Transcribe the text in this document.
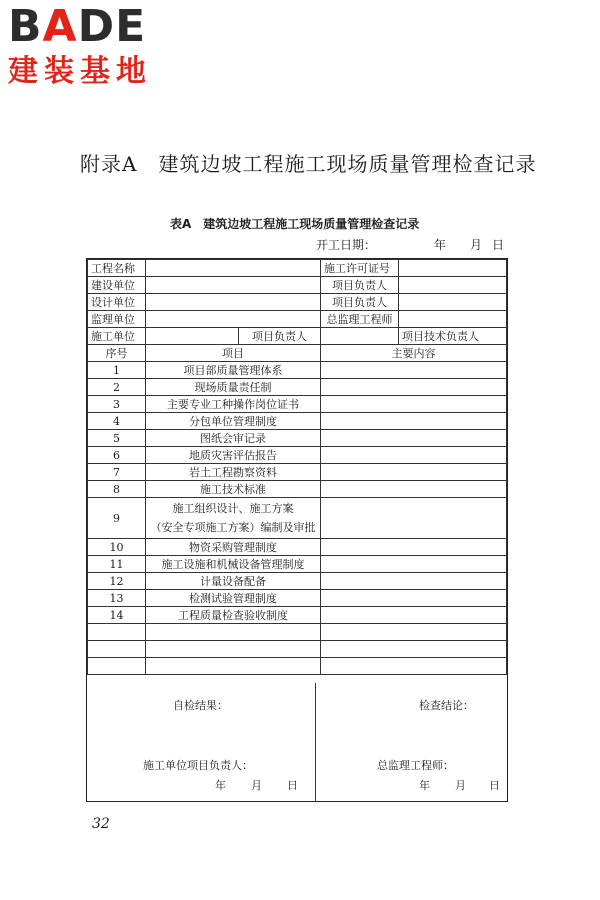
BADE
建装基地
附录A　建筑边坡工程施工现场质量管理检查记录
表A　建筑边坡工程施工现场质量管理检查记录
开工日期：	年 月 日
工程名称			施工许可证号	
建设单位			项目负责人	
设计单位			项目负责人	
监理单位			总监理工程师	
施工单位		项目负责人		项目技术负责人
序号	项目		主要内容	
1	项目部质量管理体系			
2	现场质量责任制			
3	主要专业工种操作岗位证书			
4	分包单位管理制度			
5	图纸会审记录			
6	地质灾害评估报告			
7	岩土工程勘察资料			
8	施工技术标准			
9	施工组织设计、施工方案
（安全专项施工方案）编制及审批			

10	物资采购管理制度			
11	施工设施和机械设备管理制度			
12	计量设备配备			
13	检测试验管理制度			
14	工程质量检查验收制度			

自检结果：	检查结论：
施工单位项目负责人：	总监理工程师：
年 月 日	年 月 日
32
